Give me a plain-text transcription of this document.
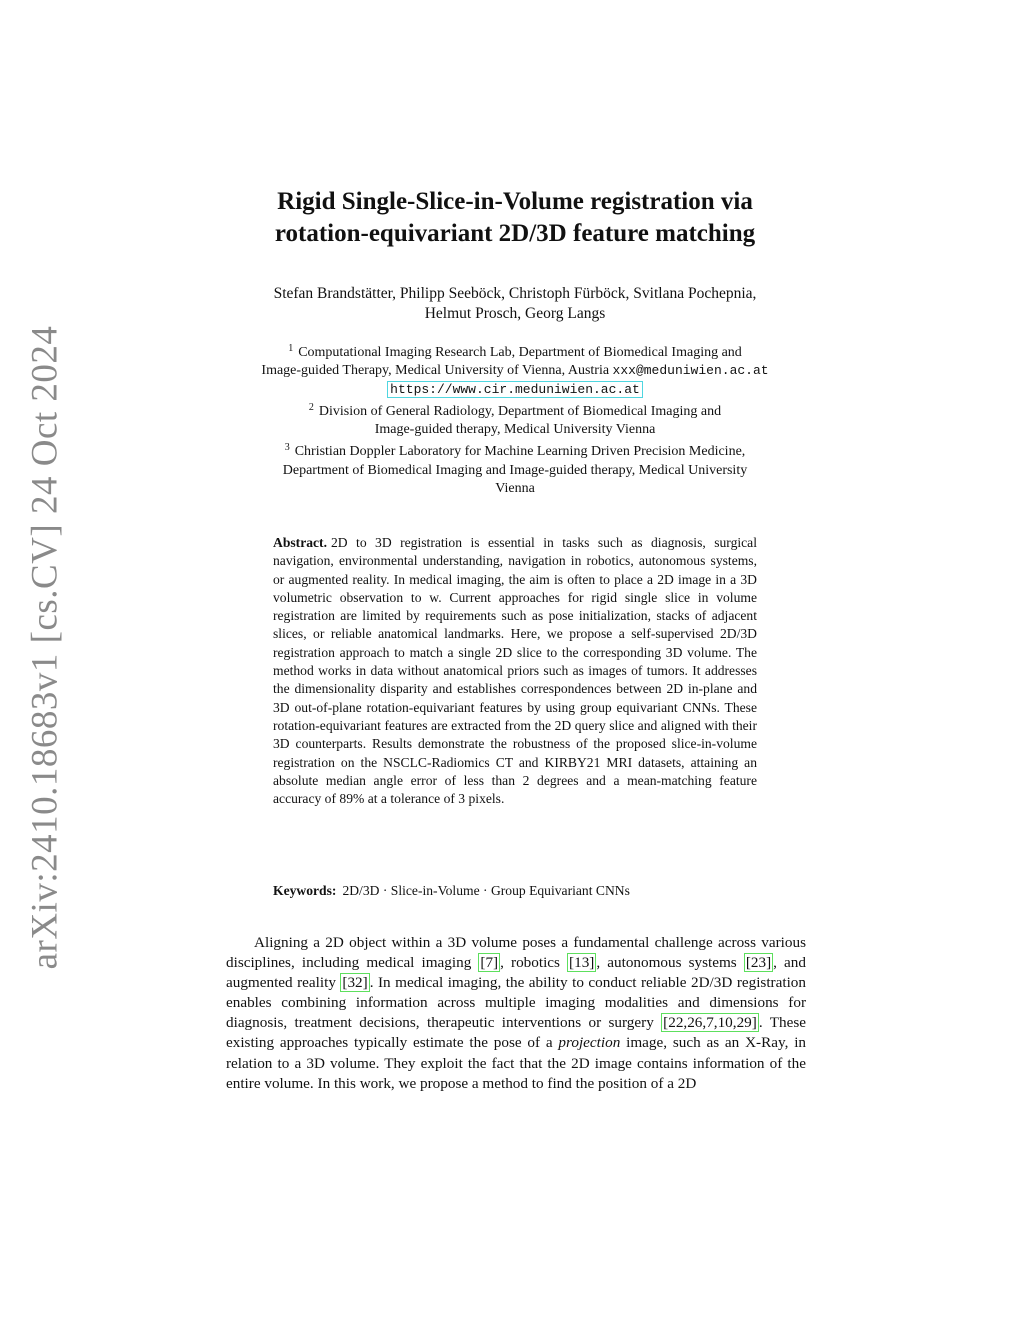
arXiv:2410.18683v1 [cs.CV] 24 Oct 2024
Rigid Single-Slice-in-Volume registration via
rotation-equivariant 2D/3D feature matching
Stefan Brandstätter, Philipp Seeböck, Christoph Fürböck, Svitlana Pochepnia,
Helmut Prosch, Georg Langs
$^1$ Computational Imaging Research Lab, Department of Biomedical Imaging and
Image-guided Therapy, Medical University of Vienna, Austria xxx@meduniwien.ac.at
https://www.cir.meduniwien.ac.at
$^2$ Division of General Radiology, Department of Biomedical Imaging and
Image-guided therapy, Medical University Vienna
$^3$ Christian Doppler Laboratory for Machine Learning Driven Precision Medicine,
Department of Biomedical Imaging and Image-guided therapy, Medical University
Vienna

Abstract. 2D to 3D registration is essential in tasks such as diagnosis, surgical navigation, environmental understanding, navigation in robotics, autonomous systems, or augmented reality. In medical imaging, the aim is often to place a 2D image in a 3D volumetric observation to w. Current approaches for rigid single slice in volume registration are limited by requirements such as pose initialization, stacks of adjacent slices, or reliable anatomical landmarks. Here, we propose a self-supervised 2D/3D registration approach to match a single 2D slice to the corresponding 3D volume. The method works in data without anatomical priors such as images of tumors. It addresses the dimensionality disparity and establishes correspondences between 2D in-plane and 3D out-of-plane rotation-equivariant features by using group equivariant CNNs. These rotation-equivariant features are extracted from the 2D query slice and aligned with their 3D counterparts. Results demonstrate the robustness of the proposed slice-in-volume registration on the NSCLC-Radiomics CT and KIRBY21 MRI datasets, attaining an absolute median angle error of less than 2 degrees and a mean-matching feature accuracy of 89% at a tolerance of 3 pixels.

Keywords: 2D/3D · Slice-in-Volume · Group Equivariant CNNs

Aligning a 2D object within a 3D volume poses a fundamental challenge across various disciplines, including medical imaging [7] , robotics [13] , autonomous systems [23] , and augmented reality [32] . In medical imaging, the ability to conduct reliable 2D/3D registration enables combining information across multiple imaging modalities and dimensions for diagnosis, treatment decisions, therapeutic interventions or surgery [22,26,7,10,29] . These existing approaches typically estimate the pose of a projection image, such as an X-Ray, in relation to a 3D volume. They exploit the fact that the 2D image contains information of the entire volume. In this work, we propose a method to find the position of a 2D
